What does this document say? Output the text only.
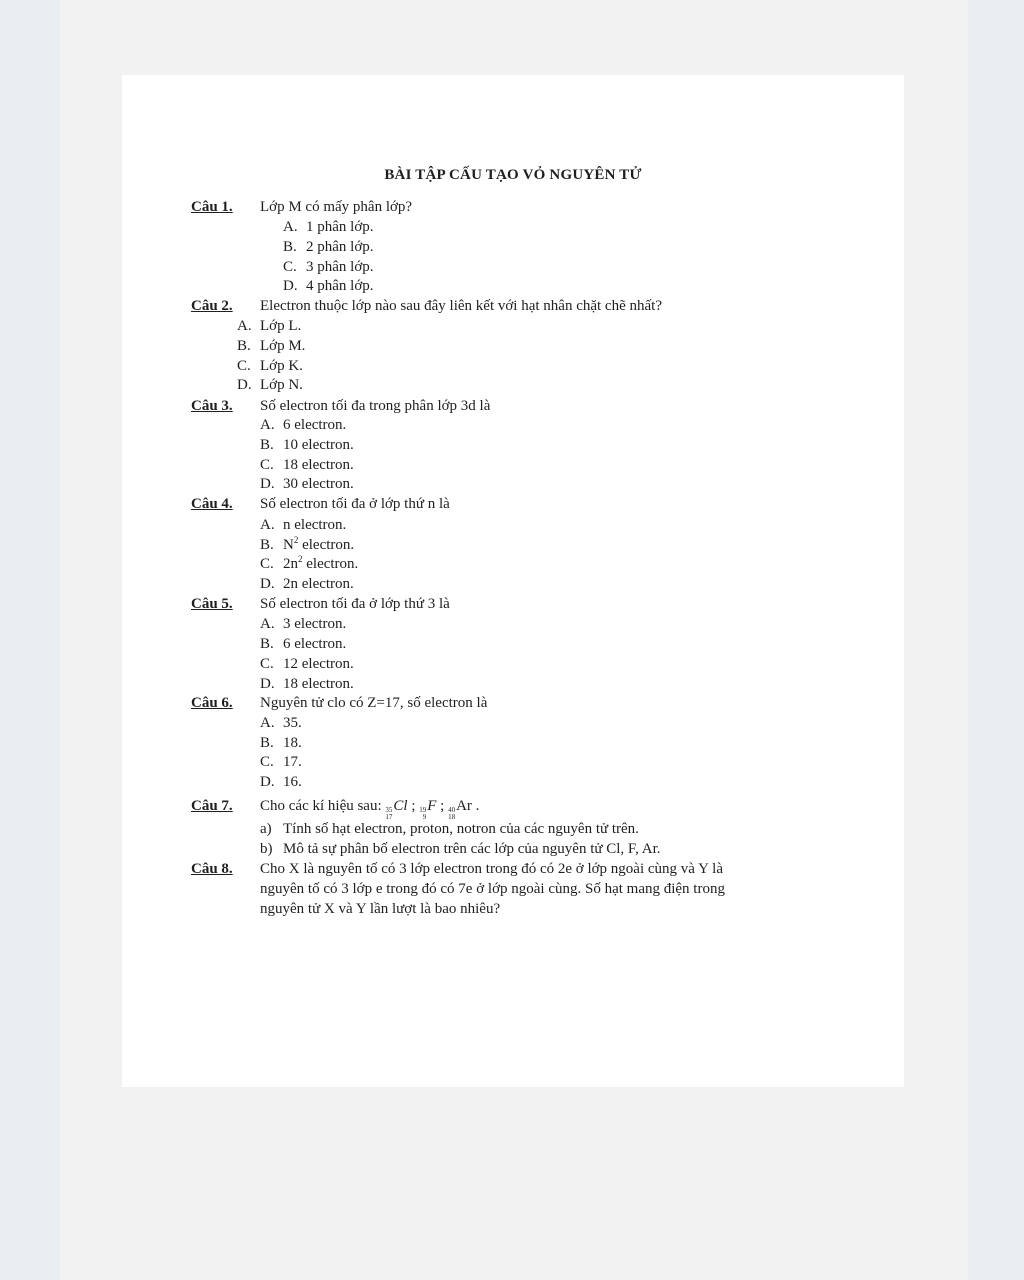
BÀI TẬP CẤU TẠO VỎ NGUYÊN TỬ
Câu 1. Lớp M có mấy phân lớp?
A. 1 phân lớp.
B. 2 phân lớp.
C. 3 phân lớp.
D. 4 phân lớp.
Câu 2. Electron thuộc lớp nào sau đây liên kết với hạt nhân chặt chẽ nhất?
A. Lớp L.
B. Lớp M.
C. Lớp K.
D. Lớp N.
Câu 3. Số electron tối đa trong phân lớp 3d là
A. 6 electron.
B. 10 electron.
C. 18 electron.
D. 30 electron.
Câu 4. Số electron tối đa ở lớp thứ n là
A. n electron.
B. $N^2$ electron.
C. $2n^2$ electron.
D. 2n electron.
Câu 5. Số electron tối đa ở lớp thứ 3 là
A. 3 electron.
B. 6 electron.
C. 12 electron.
D. 18 electron.
Câu 6. Nguyên tử clo có Z=17, số electron là
A. 35.
B. 18.
C. 17.
D. 16.
Câu 7. Cho các kí hiệu sau: 35
17
Cl ; 19
9
F ; 40
18
Ar .
a) Tính số hạt electron, proton, notron của các nguyên tử trên.
b) Mô tả sự phân bố electron trên các lớp của nguyên tử Cl, F, Ar.
Câu 8. Cho X là nguyên tố có 3 lớp electron trong đó có 2e ở lớp ngoài cùng và Y là
nguyên tố có 3 lớp e trong đó có 7e ở lớp ngoài cùng. Số hạt mang điện trong
nguyên tử X và Y lần lượt là bao nhiêu?
